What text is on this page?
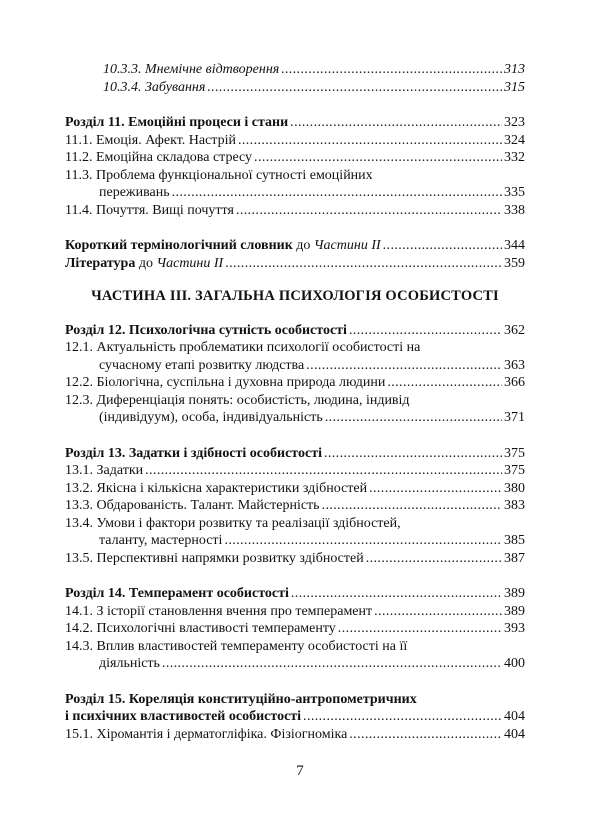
10.3.3. Мнемічне відтворення .....	313
10.3.4. Забування .....	315
Розділ 11. Емоційні процеси і стани .....	323
11.1. Емоція. Афект. Настрій .....	324
11.2. Емоційна складова стресу .....	332
11.3. Проблема функціональної сутності емоційних
переживань .....	335
11.4. Почуття. Вищі почуття .....	338
Короткий термінологічний словник до Частини ІІ .....	344
Література до Частини ІІ .....	359
ЧАСТИНА ІІІ. ЗАГАЛЬНА ПСИХОЛОГІЯ ОСОБИСТОСТІ
Розділ 12. Психологічна сутність особистості .....	362
12.1. Актуальність проблематики психології особистості на
сучасному етапі розвитку людства .....	363
12.2. Біологічна, суспільна і духовна природа людини .....	366
12.3. Диференціація понять: особистість, людина, індивід
(індивідуум), особа, індивідуальність .....	371
Розділ 13. Задатки і здібності особистості .....	375
13.1. Задатки .....	375
13.2. Якісна і кількісна характеристики здібностей .....	380
13.3. Обдарованість. Талант. Майстерність .....	383
13.4. Умови і фактори розвитку та реалізації здібностей,
таланту, мастерності .....	385
13.5. Перспективні напрямки розвитку здібностей .....	387
Розділ 14. Темперамент особистості .....	389
14.1. З історії становлення вчення про темперамент .....	389
14.2. Психологічні властивості темпераменту .....	393
14.3. Вплив властивостей темпераменту особистості на її
діяльність .....	400
Розділ 15. Кореляція конституційно-антропометричних
і психічних властивостей особистості .....	404
15.1. Хіромантія і дерматогліфіка. Фізіогноміка .....	404
7
